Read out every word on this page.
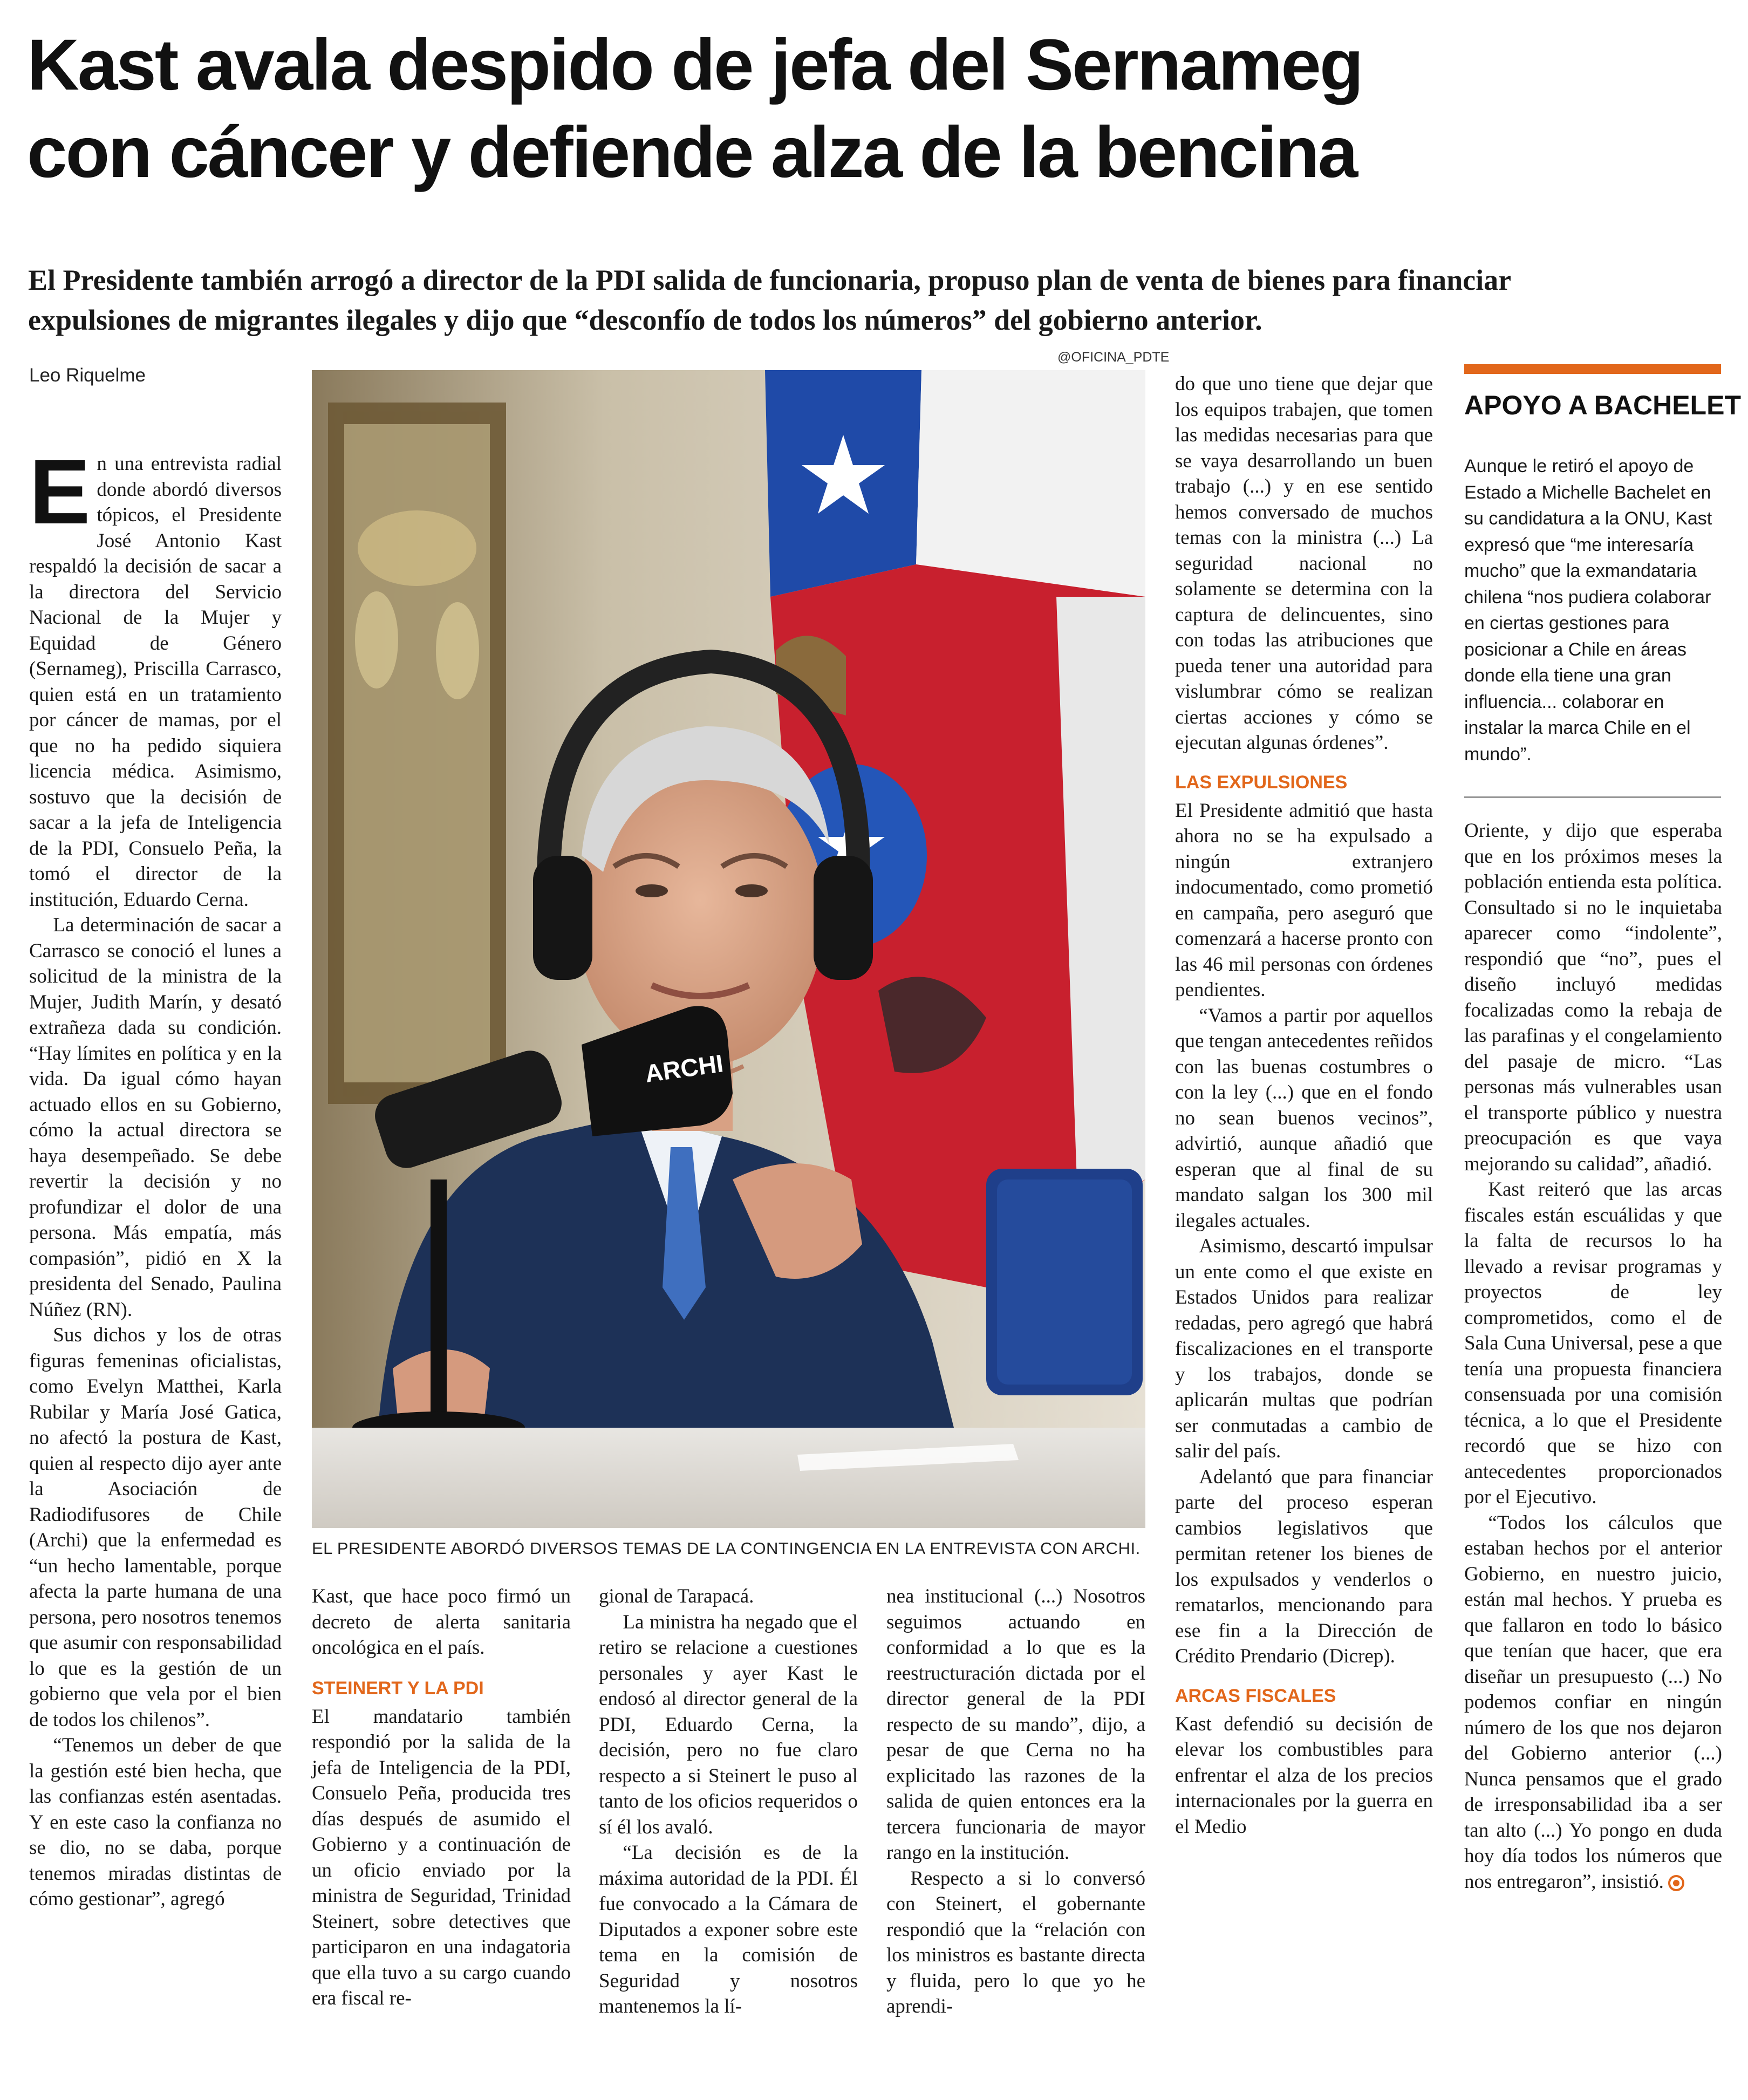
Kast avala despido de jefa del Sernameg
con cáncer y defiende alza de la bencina
El Presidente también arrogó a director de la PDI salida de funcionaria, propuso plan de venta de bienes para financiar
expulsiones de migrantes ilegales y dijo que “desconfío de todos los números” del gobierno anterior.
Leo Riquelme
@OFICINA_PDTE
ARCHI
EL PRESIDENTE ABORDÓ DIVERSOS TEMAS DE LA CONTINGENCIA EN LA ENTREVISTA CON ARCHI.

En una entrevista radial donde abordó diversos tópicos, el Presidente José Antonio Kast respaldó la decisión de sacar a la directora del Servicio Nacional de la Mujer y Equidad de Género (Sernameg), Priscilla Carrasco, quien está en un tratamiento por cáncer de mamas, por el que no ha pedido siquiera licencia médica. Asimismo, sostuvo que la decisión de sacar a la jefa de Inteligencia de la PDI, Consuelo Peña, la tomó el director de la institución, Eduardo Cerna.

La determinación de sacar a Carrasco se conoció el lunes a solicitud de la ministra de la Mujer, Judith Marín, y desató extrañeza dada su condición. “Hay límites en política y en la vida. Da igual cómo hayan actuado ellos en su Gobierno, cómo la actual directora se haya desempeñado. Se debe revertir la decisión y no profundizar el dolor de una persona. Más empatía, más compasión”, pidió en X la presidenta del Senado, Paulina Núñez (RN).

Sus dichos y los de otras figuras femeninas oficialistas, como Evelyn Matthei, Karla Rubilar y María José Gatica, no afectó la postura de Kast, quien al respecto dijo ayer ante la Asociación de Radiodifusores de Chile (Archi) que la enfermedad es “un hecho lamentable, porque afecta la parte humana de una persona, pero nosotros tenemos que asumir con responsabilidad lo que es la gestión de un gobierno que vela por el bien de todos los chilenos”.

“Tenemos un deber de que la gestión esté bien hecha, que las confianzas estén asentadas. Y en este caso la confianza no se dio, no se daba, porque tenemos miradas distintas de cómo gestionar”, agregó

Kast, que hace poco firmó un decreto de alerta sanitaria oncológica en el país.

STEINERT Y LA PDI

El mandatario también respondió por la salida de la jefa de Inteligencia de la PDI, Consuelo Peña, producida tres días después de asumido el Gobierno y a continuación de un oficio enviado por la ministra de Seguridad, Trinidad Steinert, sobre detectives que participaron en una indagatoria que ella tuvo a su cargo cuando era fiscal re-

gional de Tarapacá.

La ministra ha negado que el retiro se relacione a cuestiones personales y ayer Kast le endosó al director general de la PDI, Eduardo Cerna, la decisión, pero no fue claro respecto a si Steinert le puso al tanto de los oficios requeridos o sí él los avaló.

“La decisión es de la máxima autoridad de la PDI. Él fue convocado a la Cámara de Diputados a exponer sobre este tema en la comisión de Seguridad y nosotros mantenemos la lí-

nea institucional (...) Nosotros seguimos actuando en conformidad a lo que es la reestructuración dictada por el director general de la PDI respecto de su mando”, dijo, a pesar de que Cerna no ha explicitado las razones de la salida de quien entonces era la tercera funcionaria de mayor rango en la institución.

Respecto a si lo conversó con Steinert, el gobernante respondió que la “relación con los ministros es bastante directa y fluida, pero lo que yo he aprendi-

do que uno tiene que dejar que los equipos trabajen, que tomen las medidas necesarias para que se vaya desarrollando un buen trabajo (...) y en ese sentido hemos conversado de muchos temas con la ministra (...) La seguridad nacional no solamente se determina con la captura de delincuentes, sino con todas las atribuciones que pueda tener una autoridad para vislumbrar cómo se realizan ciertas acciones y cómo se ejecutan algunas órdenes”.

LAS EXPULSIONES

El Presidente admitió que hasta ahora no se ha expulsado a ningún extranjero indocumentado, como prometió en campaña, pero aseguró que comenzará a hacerse pronto con las 46 mil personas con órdenes pendientes.

“Vamos a partir por aquellos que tengan antecedentes reñidos con las buenas costumbres o con la ley (...) que en el fondo no sean buenos vecinos”, advirtió, aunque añadió que esperan que al final de su mandato salgan los 300 mil ilegales actuales.

Asimismo, descartó impulsar un ente como el que existe en Estados Unidos para realizar redadas, pero agregó que habrá fiscalizaciones en el transporte y los trabajos, donde se aplicarán multas que podrían ser conmutadas a cambio de salir del país.

Adelantó que para financiar parte del proceso esperan cambios legislativos que permitan retener los bienes de los expulsados y venderlos o rematarlos, mencionando para ese fin a la Dirección de Crédito Prendario (Dicrep).

ARCAS FISCALES

Kast defendió su decisión de elevar los combustibles para enfrentar el alza de los precios internacionales por la guerra en el Medio

APOYO A BACHELET

Aunque le retiró el apoyo de Estado a Michelle Bachelet en su candidatura a la ONU, Kast expresó que “me interesaría mucho” que la exmandataria chilena “nos pudiera colaborar en ciertas gestiones para posicionar a Chile en áreas donde ella tiene una gran influencia... colaborar en instalar la marca Chile en el mundo”.

Oriente, y dijo que esperaba que en los próximos meses la población entienda esta política. Consultado si no le inquietaba aparecer como “indolente”, respondió que “no”, pues el diseño incluyó medidas focalizadas como la rebaja de las parafinas y el congelamiento del pasaje de micro. “Las personas más vulnerables usan el transporte público y nuestra preocupación es que vaya mejorando su calidad”, añadió.

Kast reiteró que las arcas fiscales están escuálidas y que la falta de recursos lo ha llevado a revisar programas y proyectos de ley comprometidos, como el de Sala Cuna Universal, pese a que tenía una propuesta financiera consensuada por una comisión técnica, a lo que el Presidente recordó que se hizo con antecedentes proporcionados por el Ejecutivo.

“Todos los cálculos que estaban hechos por el anterior Gobierno, en nuestro juicio, están mal hechos. Y prueba es que fallaron en todo lo básico que tenían que hacer, que era diseñar un presupuesto (...) No podemos confiar en ningún número de los que nos dejaron del Gobierno anterior (...) Nunca pensamos que el grado de irresponsabilidad iba a ser tan alto (...) Yo pongo en duda hoy día todos los números que nos entregaron”, insistió.
